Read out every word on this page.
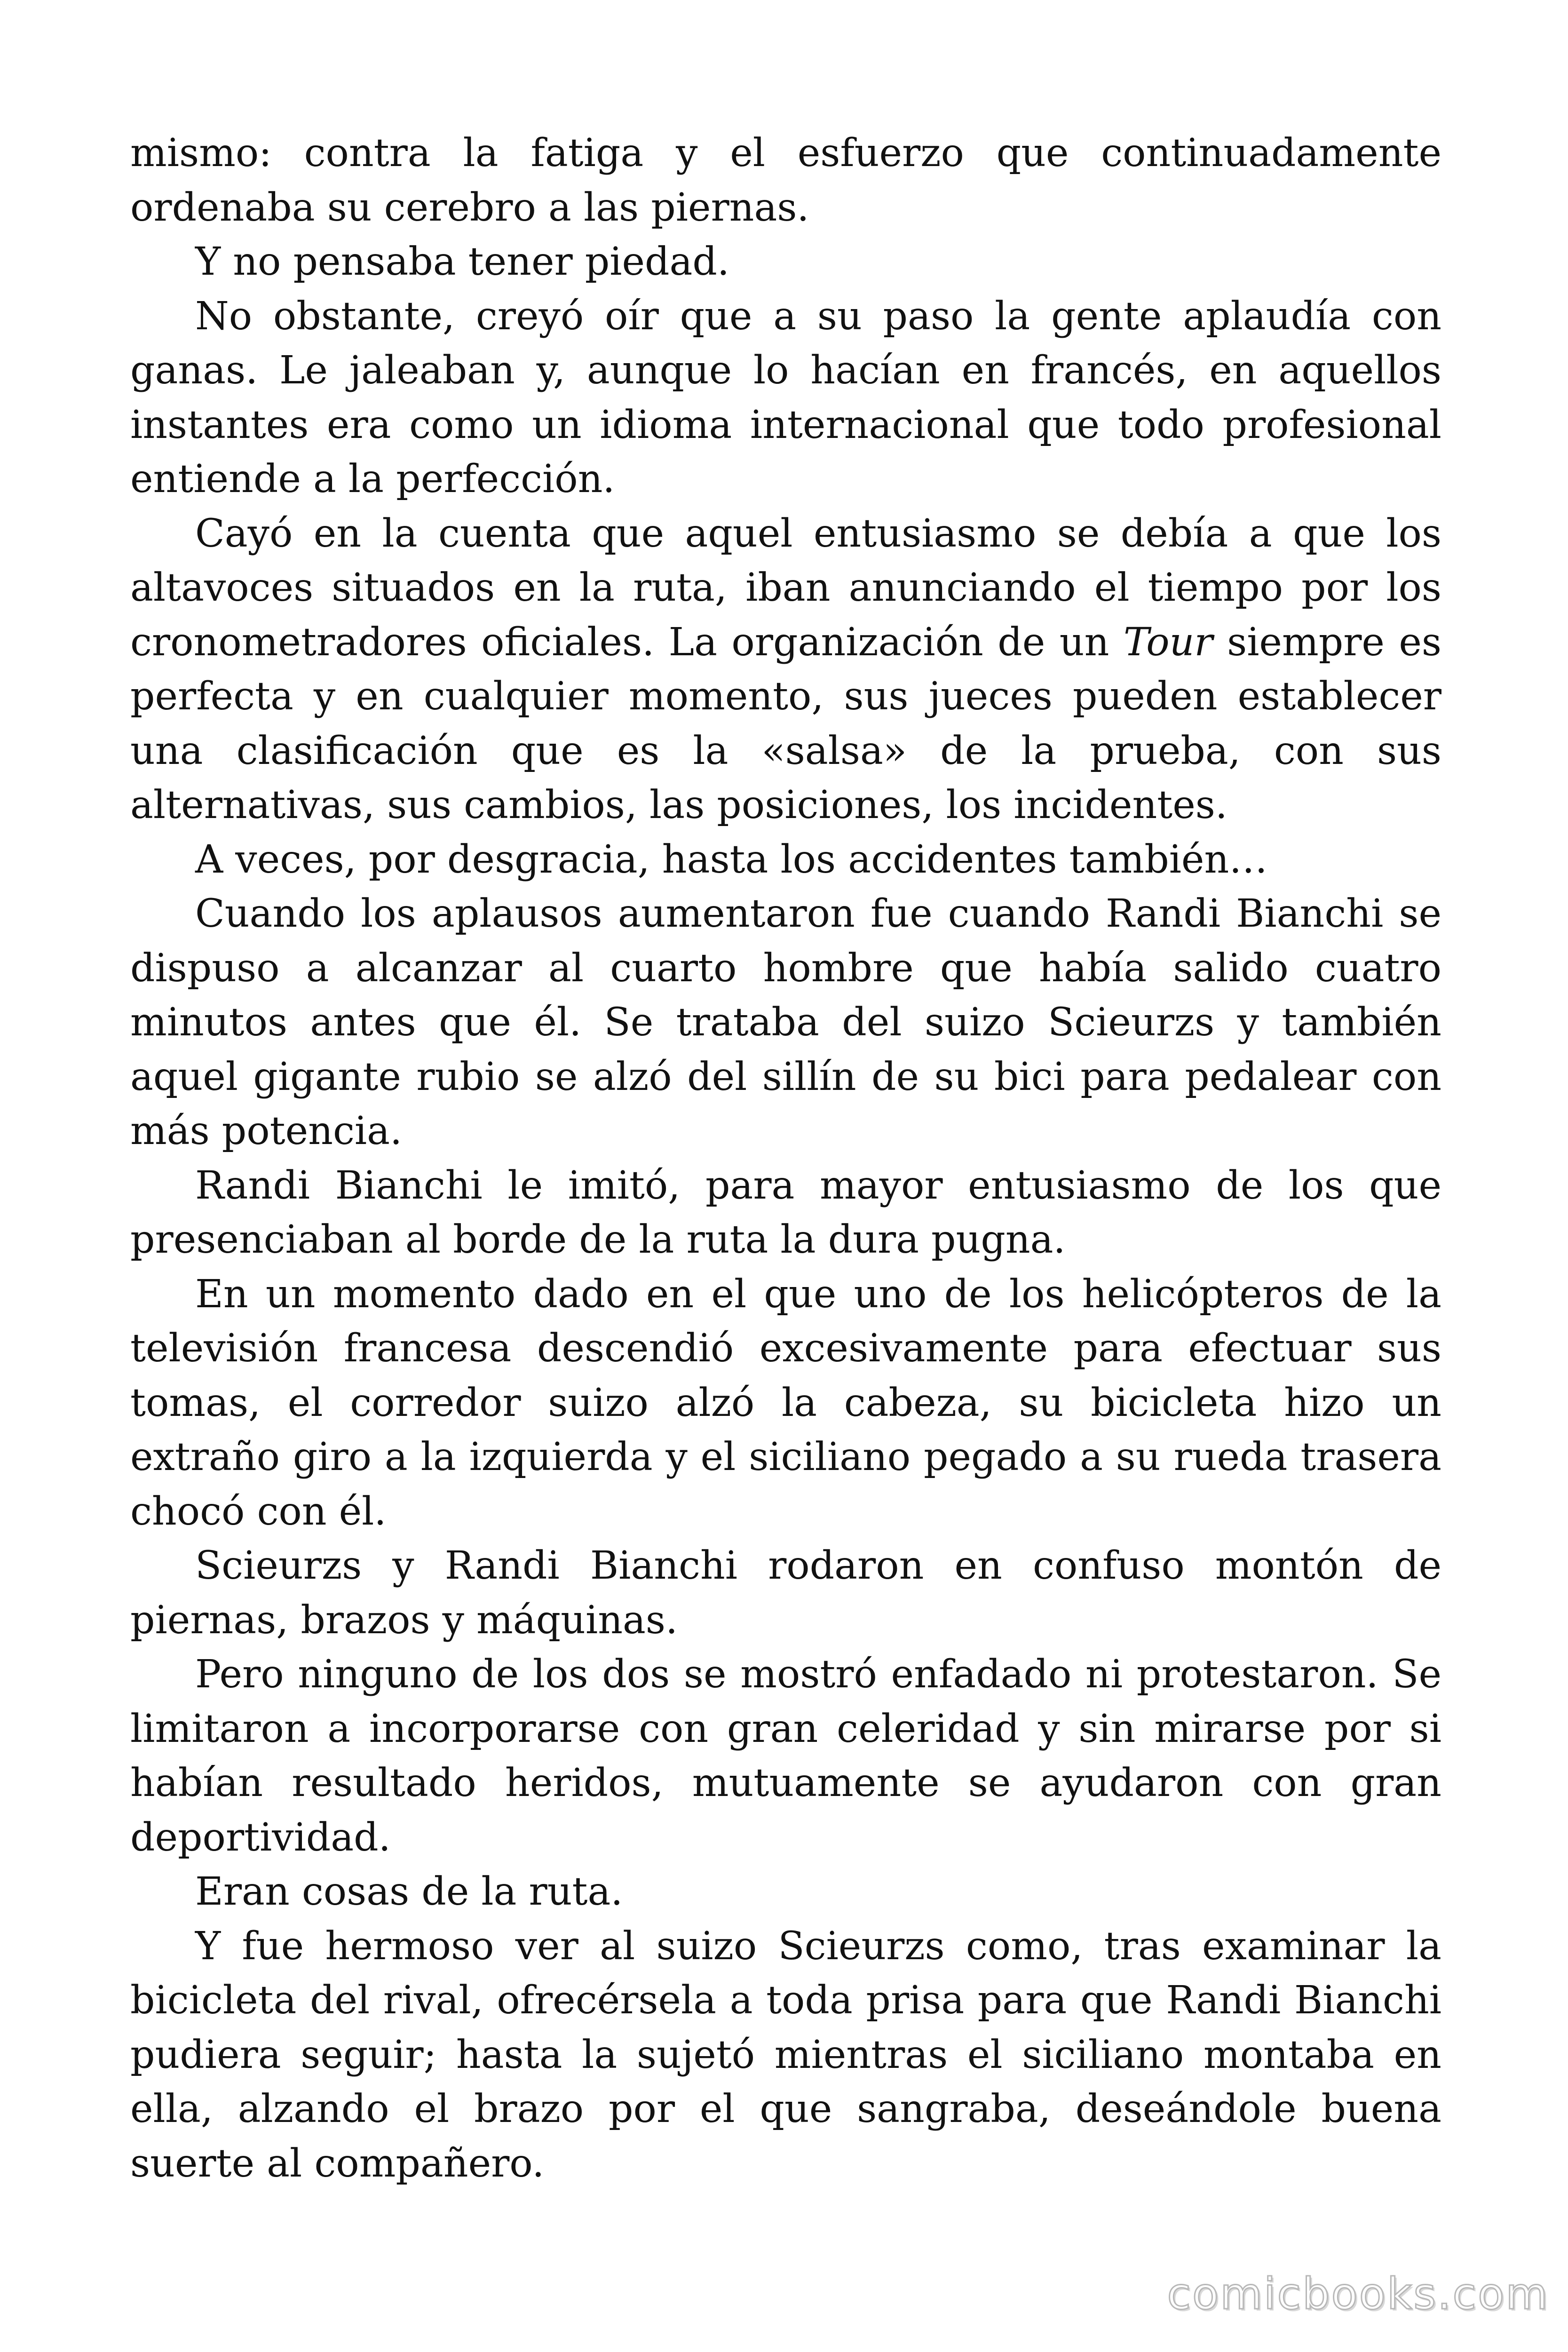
mismo: contra la fatiga y el esfuerzo que continuadamente ordenaba su cerebro a las piernas.

Y no pensaba tener piedad.

No obstante, creyó oír que a su paso la gente aplaudía con ganas. Le jaleaban y, aunque lo hacían en francés, en aquellos instantes era como un idioma internacional que todo profesional entiende a la perfección.

Cayó en la cuenta que aquel entusiasmo se debía a que los altavoces situados en la ruta, iban anunciando el tiempo por los cronometradores oficiales. La organización de un Tour siempre es perfecta y en cualquier momento, sus jueces pueden establecer una clasificación que es la «salsa» de la prueba, con sus alternativas, sus cambios, las posiciones, los incidentes.

A veces, por desgracia, hasta los accidentes también…

Cuando los aplausos aumentaron fue cuando Randi Bianchi se dispuso a alcanzar al cuarto hombre que había salido cuatro minutos antes que él. Se trataba del suizo Scieurzs y también aquel gigante rubio se alzó del sillín de su bici para pedalear con más potencia.

Randi Bianchi le imitó, para mayor entusiasmo de los que presenciaban al borde de la ruta la dura pugna.

En un momento dado en el que uno de los helicópteros de la televisión francesa descendió excesivamente para efectuar sus tomas, el corredor suizo alzó la cabeza, su bicicleta hizo un extraño giro a la izquierda y el siciliano pegado a su rueda trasera chocó con él.

Scieurzs y Randi Bianchi rodaron en confuso montón de piernas, brazos y máquinas.

Pero ninguno de los dos se mostró enfadado ni protestaron. Se limitaron a incorporarse con gran celeridad y sin mirarse por si habían resultado heridos, mutuamente se ayudaron con gran deportividad.

Eran cosas de la ruta.

Y fue hermoso ver al suizo Scieurzs como, tras examinar la bicicleta del rival, ofrecérsela a toda prisa para que Randi Bianchi pudiera seguir; hasta la sujetó mientras el siciliano montaba en ella, alzando el brazo por el que sangraba, deseándole buena suerte al compañero.

comicbooks.com
